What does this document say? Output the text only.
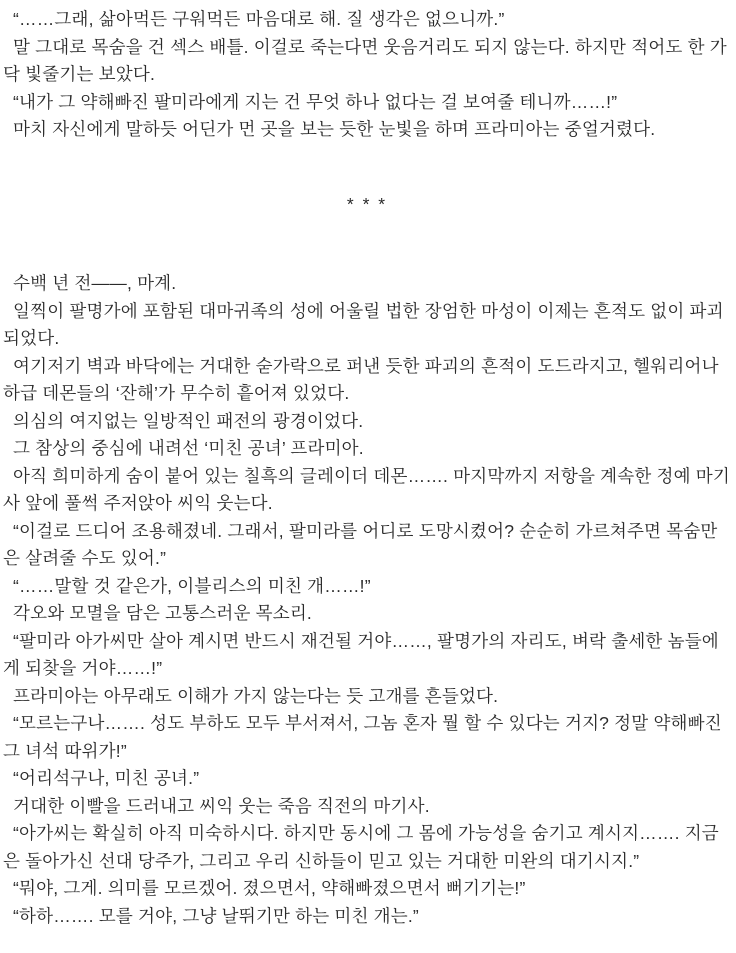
“……그래, 삶아먹든 구워먹든 마음대로 해. 질 생각은 없으니까.”

말 그대로 목숨을 건 섹스 배틀. 이걸로 죽는다면 웃음거리도 되지 않는다. 하지만 적어도 한 가닥 빛줄기는 보았다.

“내가 그 약해빠진 팔미라에게 지는 건 무엇 하나 없다는 걸 보여줄 테니까……!”

마치 자신에게 말하듯 어딘가 먼 곳을 보는 듯한 눈빛을 하며 프라미아는 중얼거렸다.

* * *

수백 년 전——, 마계.

일찍이 팔명가에 포함된 대마귀족의 성에 어울릴 법한 장엄한 마성이 이제는 흔적도 없이 파괴되었다.

여기저기 벽과 바닥에는 거대한 숟가락으로 퍼낸 듯한 파괴의 흔적이 도드라지고, 헬워리어나 하급 데몬들의 ‘잔해’가 무수히 흩어져 있었다.

의심의 여지없는 일방적인 패전의 광경이었다.

그 참상의 중심에 내려선 ‘미친 공녀’ 프라미아.

아직 희미하게 숨이 붙어 있는 칠흑의 글레이더 데몬……. 마지막까지 저항을 계속한 정예 마기사 앞에 풀썩 주저앉아 씨익 웃는다.

“이걸로 드디어 조용해졌네. 그래서, 팔미라를 어디로 도망시켰어? 순순히 가르쳐주면 목숨만은 살려줄 수도 있어.”

“……말할 것 같은가, 이블리스의 미친 개……!”

각오와 모멸을 담은 고통스러운 목소리.

“팔미라 아가씨만 살아 계시면 반드시 재건될 거야……, 팔명가의 자리도, 벼락 출세한 놈들에게 되찾을 거야……!”

프라미아는 아무래도 이해가 가지 않는다는 듯 고개를 흔들었다.

“모르는구나……. 성도 부하도 모두 부서져서, 그놈 혼자 뭘 할 수 있다는 거지? 정말 약해빠진 그 녀석 따위가!”

“어리석구나, 미친 공녀.”

거대한 이빨을 드러내고 씨익 웃는 죽음 직전의 마기사.

“아가씨는 확실히 아직 미숙하시다. 하지만 동시에 그 몸에 가능성을 숨기고 계시지……. 지금은 돌아가신 선대 당주가, 그리고 우리 신하들이 믿고 있는 거대한 미완의 대기시지.”

“뭐야, 그게. 의미를 모르겠어. 졌으면서, 약해빠졌으면서 뻐기기는!”

“하하……. 모를 거야, 그냥 날뛰기만 하는 미친 개는.”
